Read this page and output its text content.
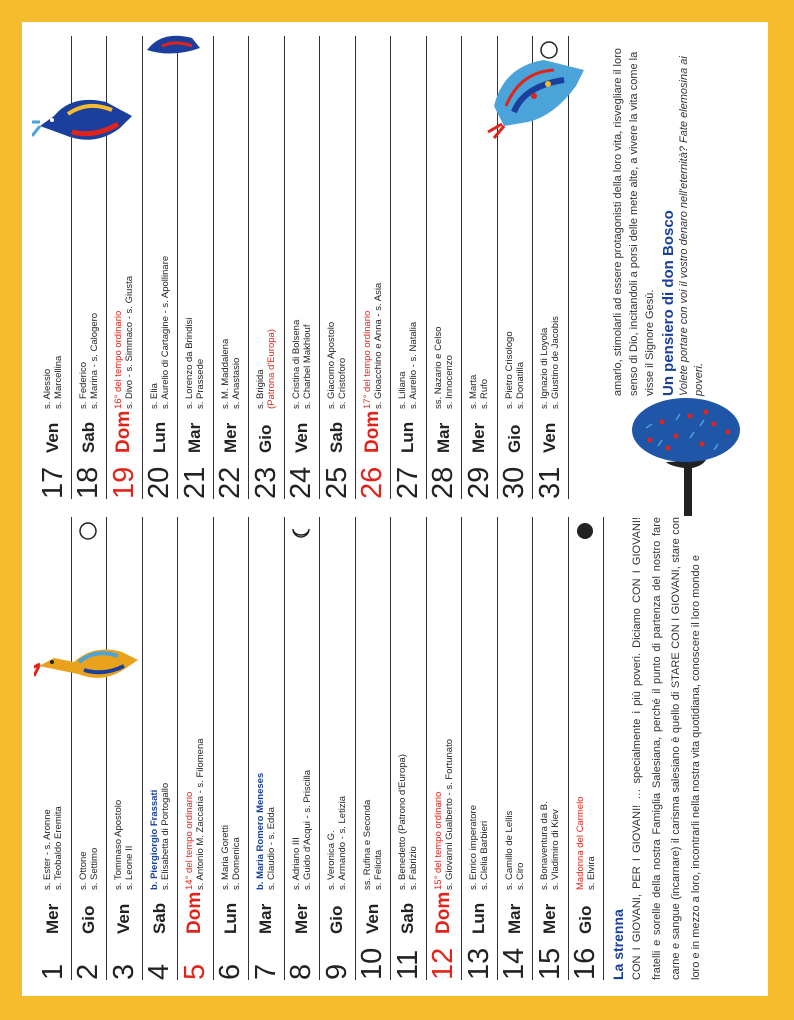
1
Mer
s. Ester - s. Aronne s. Teobaldo Eremita
2
Gio
s. Ottone s. Settimo
3
Ven
s. Tommaso Apostolo s. Leone II
4
Sab
b. Piergiorgio Frassati s. Elisabetta di Portogallo
5
Dom
14° del tempo ordinario s. Antonio M. Zaccaria - s. Filomena
6
Lun
s. Maria Goretti s. Domenica
7
Mar
b. Maria Romero Meneses s. Claudio - s. Edda
8
Mer
s. Adriano III s. Guido d'Acqui - s. Priscilla
9
Gio
s. Veronica G. s. Armando - s. Letizia
10
Ven
ss. Rufina e Seconda s. Felicita
11
Sab
s. Benedetto (Patrono d'Europa) s. Fabrizio
12
Dom
15° del tempo ordinario s. Giovanni Gualberto - s. Fortunato
13
Lun
s. Enrico imperatore s. Clelia Barbieri
14
Mar
s. Camillo de Lellis s. Ciro
15
Mer
s. Bonaventura da B. s. Vladimiro di Kiev
16
Gio
Madonna del Carmelo s. Elvira
17
Ven
s. Alessio s. Marcellina
18
Sab
s. Federico s. Marina - s. Calogero
19
Dom
16° del tempo ordinario s. Divo - s. Simmaco - s. Giusta
20
Lun
s. Elia s. Aurelio di Cartagine - s. Apollinare
21
Mar
s. Lorenzo da Brindisi s. Prassede
22
Mer
s. M. Maddalena s. Anastasio
23
Gio
s. Brigida (Patrona d'Europa)
24
Ven
s. Cristina di Bolsena s. Charbel Makhlouf
25
Sab
s. Giacomo Apostolo s. Cristoforo
26
Dom
17° del tempo ordinario s. Gioacchino e Anna - s. Asia
27
Lun
s. Liliana s. Aurelio - s. Natalia
28
Mar
ss. Nazario e Celso s. Innocenzo
29
Mer
s. Marta s. Rufo
30
Gio
s. Pietro Crisologo s. Donatilla
31
Ven
s. Ignazio di Loyola s. Giustino de Jacobis
La strenna CON I GIOVANI, PER I GIOVANI! … specialmente i più poveri. Diciamo CON I GIOVANI! fratelli e sorelle della nostra Famiglia Salesiana, perché il punto di partenza del nostro fare carne e sangue (incarnare) il carisma salesiano è quello di STARE CON I GIOVANI, stare con loro e in mezzo a loro, incontrarli nella nostra vita quotidiana, conoscere il loro mondo e

amarlo, stimolarli ad essere protagonisti della loro vita, risvegliare il loro senso di Dio, incitandoli a porsi delle mete alte, a vivere la vita come la visse il Signore Gesù. Un pensiero di don Bosco Volete portare con voi il vostro denaro nell'eternità? Fate elemosina ai poveri.
